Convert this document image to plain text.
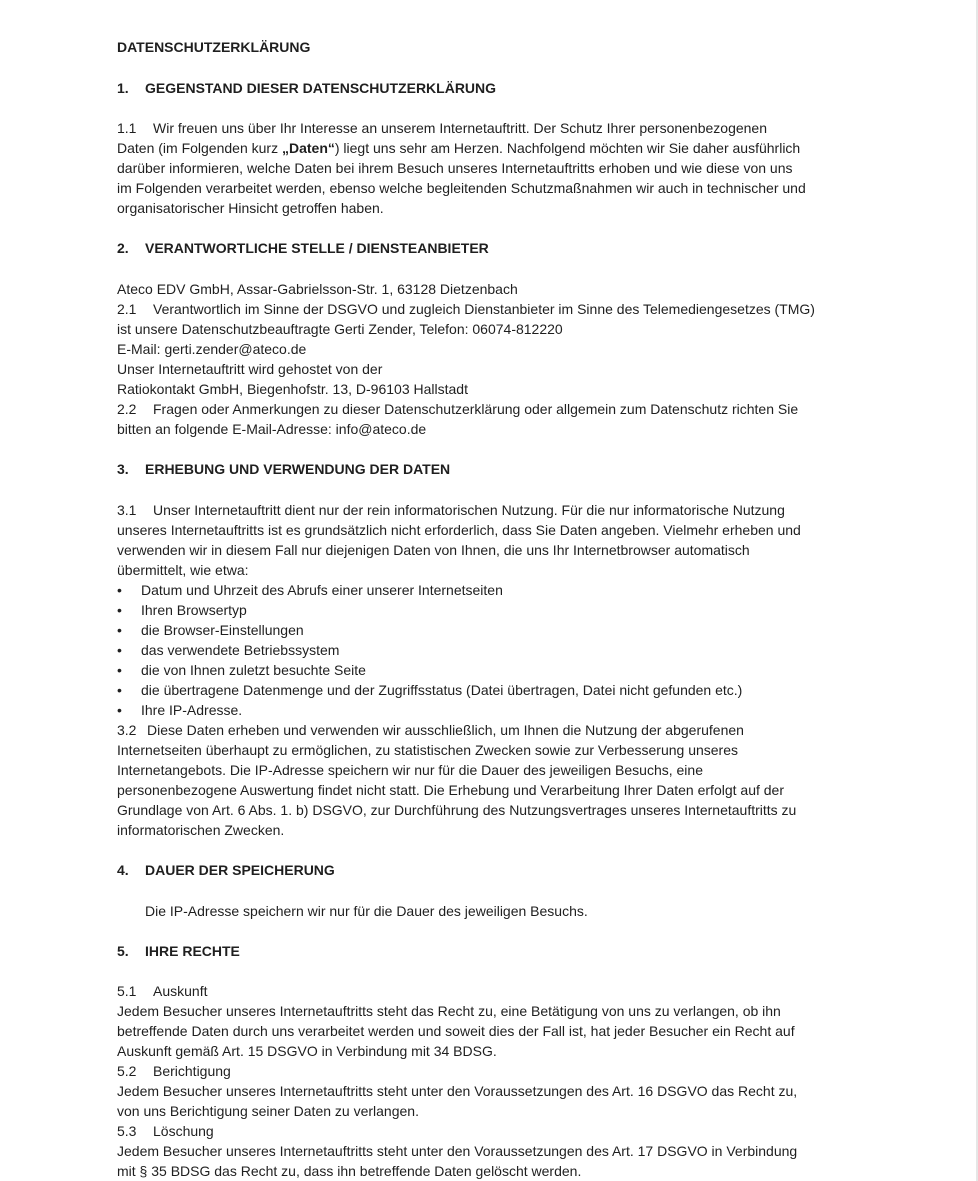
DATENSCHUTZERKLÄRUNG
1. GEGENSTAND DIESER DATENSCHUTZERKLÄRUNG
1.1 Wir freuen uns über Ihr Interesse an unserem Internetauftritt. Der Schutz Ihrer personenbezogenen
Daten (im Folgenden kurz „Daten“) liegt uns sehr am Herzen. Nachfolgend möchten wir Sie daher ausführlich
darüber informieren, welche Daten bei ihrem Besuch unseres Internetauftritts erhoben und wie diese von uns
im Folgenden verarbeitet werden, ebenso welche begleitenden Schutzmaßnahmen wir auch in technischer und
organisatorischer Hinsicht getroffen haben.
2. VERANTWORTLICHE STELLE / DIENSTEANBIETER
Ateco EDV GmbH, Assar-Gabrielsson-Str. 1, 63128 Dietzenbach
2.1 Verantwortlich im Sinne der DSGVO und zugleich Dienstanbieter im Sinne des Telemediengesetzes (TMG)
ist unsere Datenschutzbeauftragte Gerti Zender, Telefon: 06074-812220
E-Mail: gerti.zender@ateco.de
Unser Internetauftritt wird gehostet von der
Ratiokontakt GmbH, Biegenhofstr. 13, D-96103 Hallstadt
2.2 Fragen oder Anmerkungen zu dieser Datenschutzerklärung oder allgemein zum Datenschutz richten Sie
bitten an folgende E-Mail-Adresse: info@ateco.de
3. ERHEBUNG UND VERWENDUNG DER DATEN
3.1 Unser Internetauftritt dient nur der rein informatorischen Nutzung. Für die nur informatorische Nutzung
unseres Internetauftritts ist es grundsätzlich nicht erforderlich, dass Sie Daten angeben. Vielmehr erheben und
verwenden wir in diesem Fall nur diejenigen Daten von Ihnen, die uns Ihr Internetbrowser automatisch
übermittelt, wie etwa:
• Datum und Uhrzeit des Abrufs einer unserer Internetseiten
• Ihren Browsertyp
• die Browser-Einstellungen
• das verwendete Betriebssystem
• die von Ihnen zuletzt besuchte Seite
• die übertragene Datenmenge und der Zugriffsstatus (Datei übertragen, Datei nicht gefunden etc.)
• Ihre IP-Adresse.
3.2 Diese Daten erheben und verwenden wir ausschließlich, um Ihnen die Nutzung der abgerufenen
Internetseiten überhaupt zu ermöglichen, zu statistischen Zwecken sowie zur Verbesserung unseres
Internetangebots. Die IP-Adresse speichern wir nur für die Dauer des jeweiligen Besuchs, eine
personenbezogene Auswertung findet nicht statt. Die Erhebung und Verarbeitung Ihrer Daten erfolgt auf der
Grundlage von Art. 6 Abs. 1. b) DSGVO, zur Durchführung des Nutzungsvertrages unseres Internetauftritts zu
informatorischen Zwecken.
4. DAUER DER SPEICHERUNG
Die IP-Adresse speichern wir nur für die Dauer des jeweiligen Besuchs.
5. IHRE RECHTE
5.1 Auskunft
Jedem Besucher unseres Internetauftritts steht das Recht zu, eine Betätigung von uns zu verlangen, ob ihn
betreffende Daten durch uns verarbeitet werden und soweit dies der Fall ist, hat jeder Besucher ein Recht auf
Auskunft gemäß Art. 15 DSGVO in Verbindung mit 34 BDSG.
5.2 Berichtigung
Jedem Besucher unseres Internetauftritts steht unter den Voraussetzungen des Art. 16 DSGVO das Recht zu,
von uns Berichtigung seiner Daten zu verlangen.
5.3 Löschung
Jedem Besucher unseres Internetauftritts steht unter den Voraussetzungen des Art. 17 DSGVO in Verbindung
mit § 35 BDSG das Recht zu, dass ihn betreffende Daten gelöscht werden.
